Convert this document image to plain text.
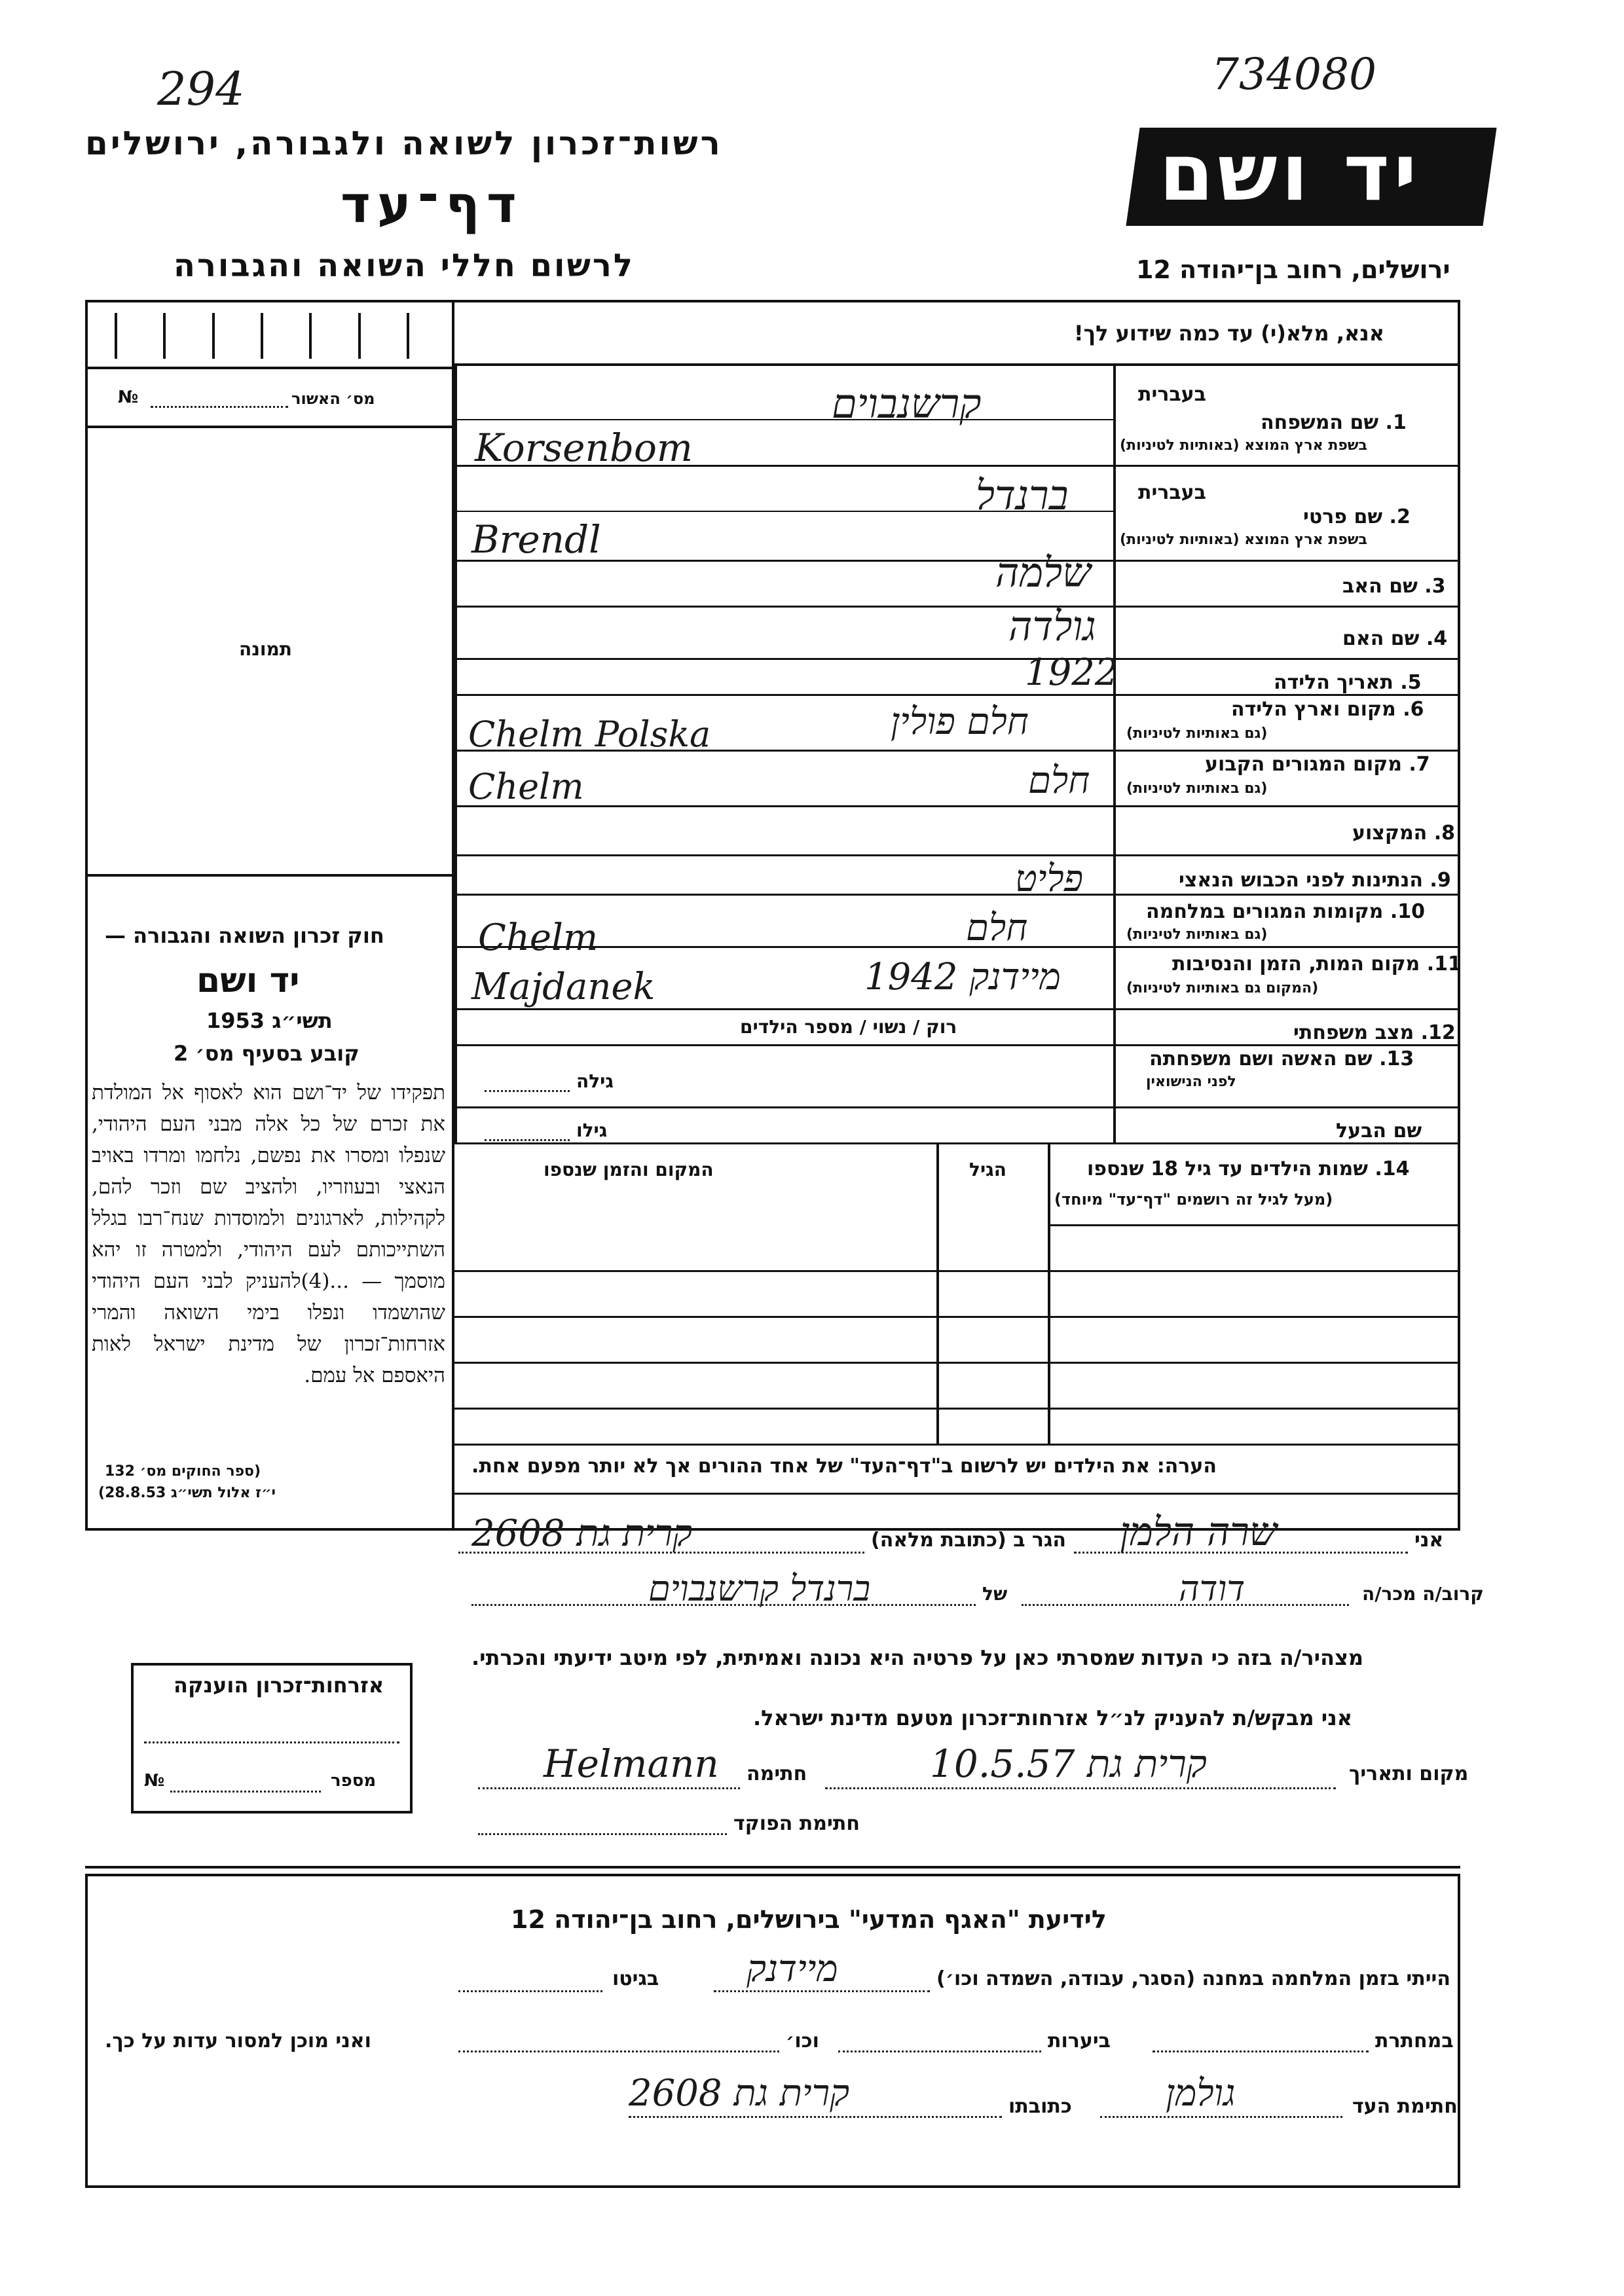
294	734080
רשות־זכרון לשואה ולגבורה, ירושלים
דף־עד
לרשום חללי השואה והגבורה
יד ושם
ירושלים, רחוב בן־יהודה 12
מס׳ האשור
№
תמונה
חוק זכרון השואה והגבורה —
יד ושם
תשי״ג 1953
קובע בסעיף מס׳ 2
תפקידו של יד־ושם הוא לאסוף אל המולדת את זכרם של כל אלה מבני העם היהודי, שנפלו ומסרו את נפשם, נלחמו ומרדו באויב הנאצי ובעוזריו, ולהציב שם וזכר להם, לקהילות, לארגונים ולמוסדות שנח־רבו בגלל השתייכותם לעם היהודי, ולמטרה זו יהא מוסמך — ...(4)להעניק לבני העם היהודי שהושמדו ונפלו בימי השואה והמרי אזרחות־זכרון של מדינת ישראל לאות היאספם אל עמם.
(ספר החוקים מס׳ 132
י״ז אלול תשי״ג 28.8.53)
אנא, מלא(י) עד כמה שידוע לך!
בעברית
1. שם המשפחה
בשפת ארץ המוצא (באותיות לטיניות)
בעברית
2. שם פרטי
בשפת ארץ המוצא (באותיות לטיניות)
3. שם האב
4. שם האם
5. תאריך הלידה
6. מקום וארץ הלידה
(גם באותיות לטיניות)
7. מקום המגורים הקבוע
(גם באותיות לטיניות)
8. המקצוע
9. הנתינות לפני הכבוש הנאצי
10. מקומות המגורים במלחמה
(גם באותיות לטיניות)
11. מקום המות, הזמן והנסיבות
(המקום גם באותיות לטיניות)
12. מצב משפחתי
13. שם האשה ושם משפחתה
לפני הנישואין
שם הבעל
קרשנבוים
Korsenbom
ברנדל
Brendl
שלמה
גולדה
1922
חלם פולין
Chelm Polska
חלם
Chelm
פליט
חלם
Chelm
מיידנק 1942
Majdanek
רוק / נשוי / מספר הילדים
גילה
גילו
14. שמות הילדים עד גיל 18 שנספו
(מעל לגיל זה רושמים "דף־עד" מיוחד)
הגיל
המקום והזמן שנספו
הערה: את הילדים יש לרשום ב"דף־העד" של אחד ההורים אך לא יותר מפעם אחת.
אני
שרה הלמן
הגר ב (כתובת מלאה)
2608 קרית גת
קרוב/ה מכר/ה
דודה
של
ברנדל קרשנבוים
מצהיר/ה בזה כי העדות שמסרתי כאן על פרטיה היא נכונה ואמיתית, לפי מיטב ידיעתי והכרתי.
אני מבקש/ת להעניק לנ״ל אזרחות־זכרון מטעם מדינת ישראל.
מקום ותאריך
קרית גת 10.5.57
חתימה
Helmann
חתימת הפוקד
אזרחות־זכרון הוענקה
מספר
№
לידיעת "האגף המדעי" בירושלים, רחוב בן־יהודה 12
הייתי בזמן המלחמה במחנה (הסגר, עבודה, השמדה וכו׳)
מיידנק
בגיטו
במחתרת
ביערות
וכו׳
ואני מוכן למסור עדות על כך.
חתימת העד
גולמן
כתובתו
קרית גת 2608
